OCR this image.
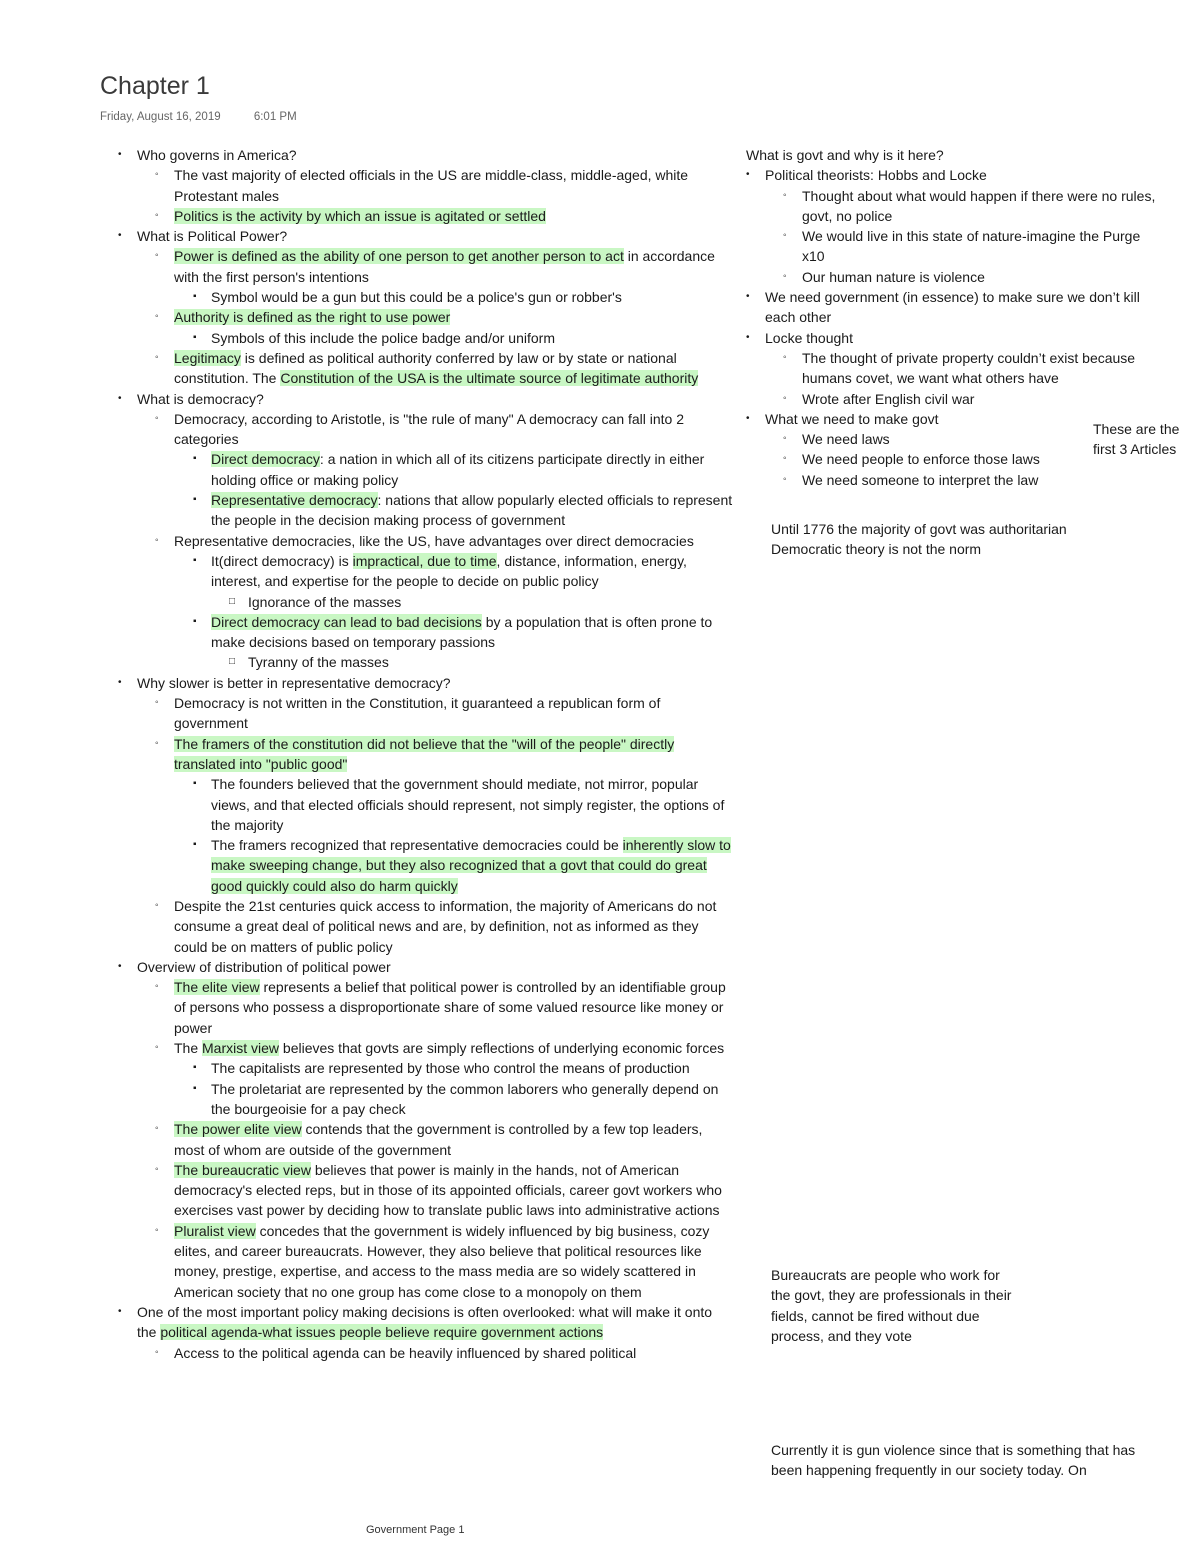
Chapter 1
Friday, August 16, 2019	6:01 PM
• Who governs in America?
◦ The vast majority of elected officials in the US are middle-class, middle-aged, white Protestant males
◦ Politics is the activity by which an issue is agitated or settled
• What is Political Power?
◦ Power is defined as the ability of one person to get another person to act in accordance with the first person's intentions
▪ Symbol would be a gun but this could be a police's gun or robber's
◦ Authority is defined as the right to use power
▪ Symbols of this include the police badge and/or uniform
◦ Legitimacy is defined as political authority conferred by law or by state or national constitution. The Constitution of the USA is the ultimate source of legitimate authority
• What is democracy?
◦ Democracy, according to Aristotle, is "the rule of many" A democracy can fall into 2 categories
▪ Direct democracy: a nation in which all of its citizens participate directly in either holding office or making policy
▪ Representative democracy: nations that allow popularly elected officials to represent the people in the decision making process of government
◦ Representative democracies, like the US, have advantages over direct democracies
▪ It(direct democracy) is impractical, due to time, distance, information, energy, interest, and expertise for the people to decide on public policy
□ Ignorance of the masses
▪ Direct democracy can lead to bad decisions by a population that is often prone to make decisions based on temporary passions
□ Tyranny of the masses
• Why slower is better in representative democracy?
◦ Democracy is not written in the Constitution, it guaranteed a republican form of government
◦ The framers of the constitution did not believe that the "will of the people" directly translated into "public good"
▪ The founders believed that the government should mediate, not mirror, popular views, and that elected officials should represent, not simply register, the options of the majority
▪ The framers recognized that representative democracies could be inherently slow to make sweeping change, but they also recognized that a govt that could do great good quickly could also do harm quickly
◦ Despite the 21st centuries quick access to information, the majority of Americans do not consume a great deal of political news and are, by definition, not as informed as they could be on matters of public policy
• Overview of distribution of political power
◦ The elite view represents a belief that political power is controlled by an identifiable group of persons who possess a disproportionate share of some valued resource like money or power
◦ The Marxist view believes that govts are simply reflections of underlying economic forces
▪ The capitalists are represented by those who control the means of production
▪ The proletariat are represented by the common laborers who generally depend on the bourgeoisie for a pay check
◦ The power elite view contends that the government is controlled by a few top leaders, most of whom are outside of the government
◦ The bureaucratic view believes that power is mainly in the hands, not of American democracy's elected reps, but in those of its appointed officials, career govt workers who exercises vast power by deciding how to translate public laws into administrative actions
◦ Pluralist view concedes that the government is widely influenced by big business, cozy elites, and career bureaucrats. However, they also believe that political resources like money, prestige, expertise, and access to the mass media are so widely scattered in American society that no one group has come close to a monopoly on them
• One of the most important policy making decisions is often overlooked: what will make it onto the political agenda-what issues people believe require government actions
◦ Access to the political agenda can be heavily influenced by shared political
What is govt and why is it here?
• Political theorists: Hobbs and Locke
◦ Thought about what would happen if there were no rules, govt, no police
◦ We would live in this state of nature-imagine the Purge x10
◦ Our human nature is violence
• We need government (in essence) to make sure we don’t kill each other
• Locke thought
◦ The thought of private property couldn’t exist because humans covet, we want what others have
◦ Wrote after English civil war
• What we need to make govt
◦ We need laws
◦ We need people to enforce those laws
◦ We need someone to interpret the law
These are the first 3 Articles
Until 1776 the majority of govt was authoritarian
Democratic theory is not the norm
Bureaucrats are people who work for the govt, they are professionals in their fields, cannot be fired without due process, and they vote
Currently it is gun violence since that is something that has been happening frequently in our society today. On
Government Page 1
